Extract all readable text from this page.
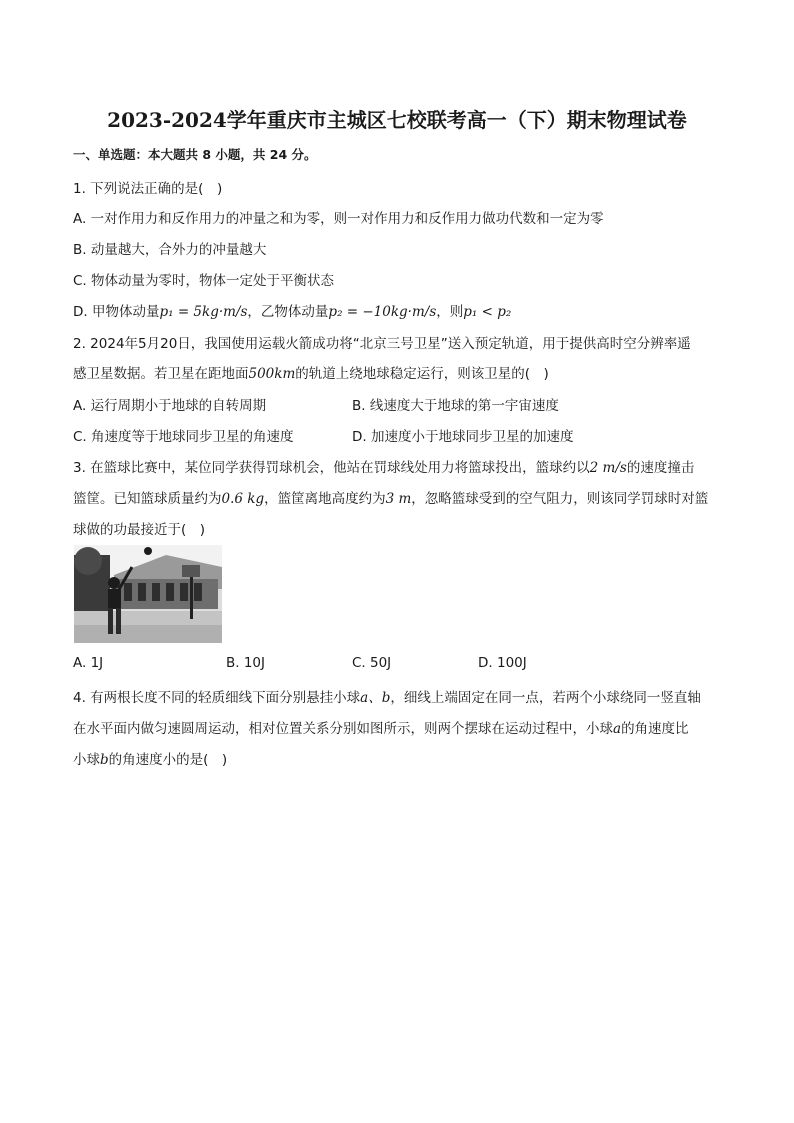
2023-2024学年重庆市主城区七校联考高一（下）期末物理试卷
一、单选题：本大题共 8 小题，共 24 分。
1. 下列说法正确的是(　)
A. 一对作用力和反作用力的冲量之和为零，则一对作用力和反作用力做功代数和一定为零
B. 动量越大，合外力的冲量越大
C. 物体动量为零时，物体一定处于平衡状态
D. 甲物体动量p₁ = 5kg·m/s，乙物体动量p₂ = −10kg·m/s，则p₁ < p₂
2. 2024年5月20日，我国使用运载火箭成功将“北京三号卫星”送入预定轨道，用于提供高时空分辨率遥
感卫星数据。若卫星在距地面500km的轨道上绕地球稳定运行，则该卫星的(　)
A. 运行周期小于地球的自转周期	B. 线速度大于地球的第一宇宙速度
C. 角速度等于地球同步卫星的角速度	D. 加速度小于地球同步卫星的加速度
3. 在篮球比赛中，某位同学获得罚球机会，他站在罚球线处用力将篮球投出，篮球约以2 m/s的速度撞击
篮筐。已知篮球质量约为0.6 kg，篮筐离地高度约为3 m，忽略篮球受到的空气阻力，则该同学罚球时对篮
球做的功最接近于(　)
A. 1J	B. 10J	C. 50J	D. 100J
4. 有两根长度不同的轻质细线下面分别悬挂小球a、b，细线上端固定在同一点，若两个小球绕同一竖直轴
在水平面内做匀速圆周运动，相对位置关系分别如图所示，则两个摆球在运动过程中，小球a的角速度比
小球b的角速度小的是(　)
